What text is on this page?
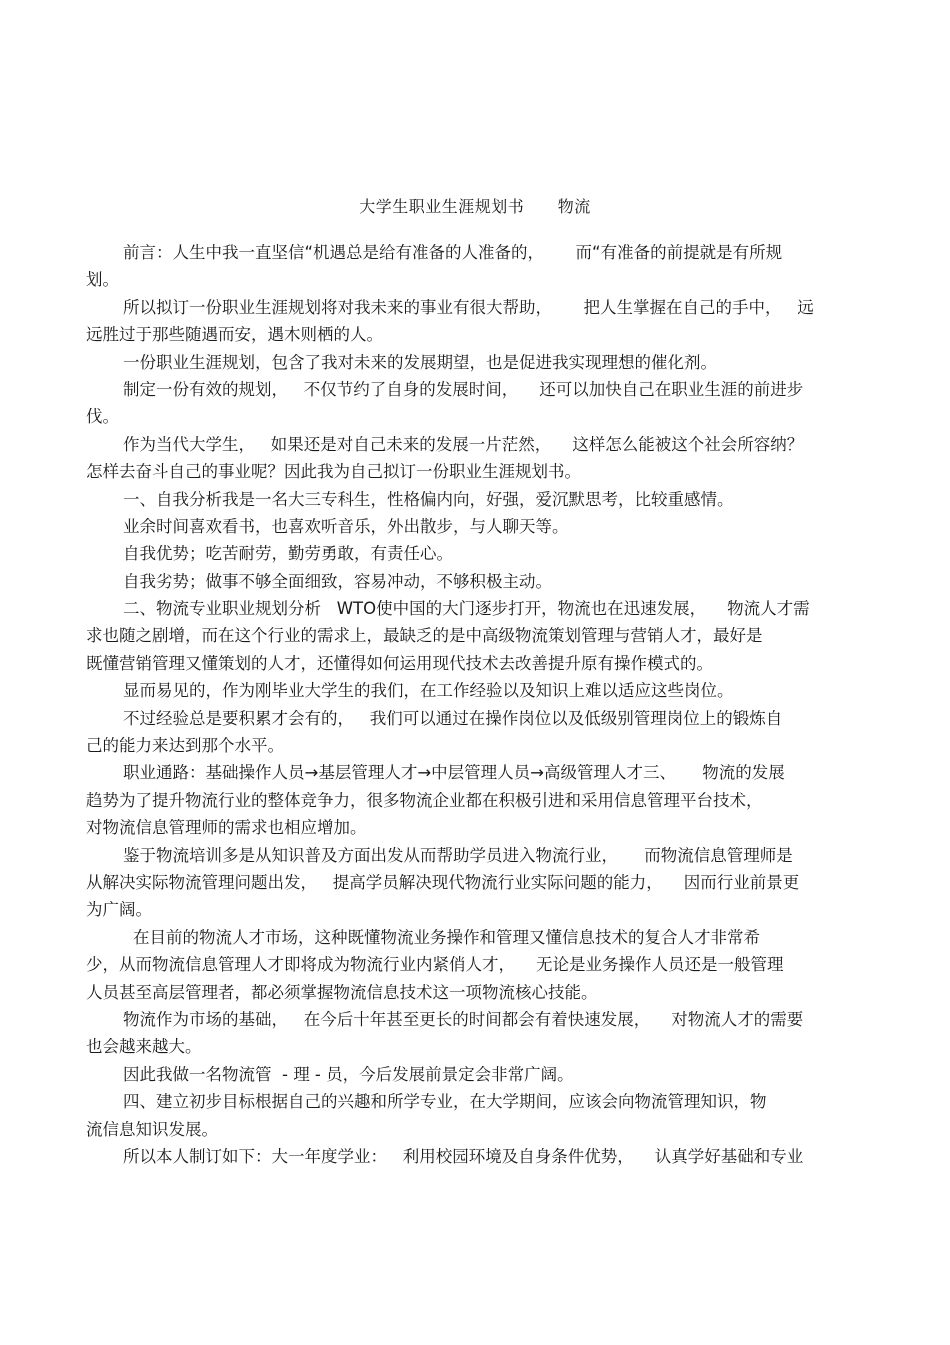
大学生职业生涯规划书      物流
前言：人生中我一直坚信“机遇总是给有准备的人准备的，      而“有准备的前提就是有所规
划。
所以拟订一份职业生涯规划将对我未来的事业有很大帮助，      把人生掌握在自己的手中，   远
远胜过于那些随遇而安，遇木则栖的人。
一份职业生涯规划，包含了我对未来的发展期望，也是促进我实现理想的催化剂。
制定一份有效的规划，   不仅节约了自身的发展时间，    还可以加快自己在职业生涯的前进步
伐。
作为当代大学生，   如果还是对自己未来的发展一片茫然，    这样怎么能被这个社会所容纳？
怎样去奋斗自己的事业呢？因此我为自己拟订一份职业生涯规划书。
一、自我分析我是一名大三专科生，性格偏内向，好强，爱沉默思考，比较重感情。
业余时间喜欢看书，也喜欢听音乐，外出散步，与人聊天等。
自我优势；吃苦耐劳，勤劳勇敢，有责任心。
自我劣势；做事不够全面细致，容易冲动，不够积极主动。
二、物流专业职业规划分析   WTO使中国的大门逐步打开，物流也在迅速发展，    物流人才需
求也随之剧增，而在这个行业的需求上，最缺乏的是中高级物流策划管理与营销人才，最好是
既懂营销管理又懂策划的人才，还懂得如何运用现代技术去改善提升原有操作模式的。
显而易见的，作为刚毕业大学生的我们，在工作经验以及知识上难以适应这些岗位。
不过经验总是要积累才会有的，   我们可以通过在操作岗位以及低级别管理岗位上的锻炼自
己的能力来达到那个水平。
职业通路：基础操作人员→基层管理人才→中层管理人员→高级管理人才三、     物流的发展
趋势为了提升物流行业的整体竞争力，很多物流企业都在积极引进和采用信息管理平台技术，
对物流信息管理师的需求也相应增加。
鉴于物流培训多是从知识普及方面出发从而帮助学员进入物流行业，     而物流信息管理师是
从解决实际物流管理问题出发，   提高学员解决现代物流行业实际问题的能力，    因而行业前景更
为广阔。
在目前的物流人才市场，这种既懂物流业务操作和管理又懂信息技术的复合人才非常希
少，从而物流信息管理人才即将成为物流行业内紧俏人才，    无论是业务操作人员还是一般管理
人员甚至高层管理者，都必须掌握物流信息技术这一项物流核心技能。
物流作为市场的基础，   在今后十年甚至更长的时间都会有着快速发展，    对物流人才的需要
也会越来越大。
因此我做一名物流管  - 理 - 员，今后发展前景定会非常广阔。
四、建立初步目标根据自己的兴趣和所学专业，在大学期间，应该会向物流管理知识，物
流信息知识发展。
所以本人制订如下：大一年度学业：   利用校园环境及自身条件优势，    认真学好基础和专业
